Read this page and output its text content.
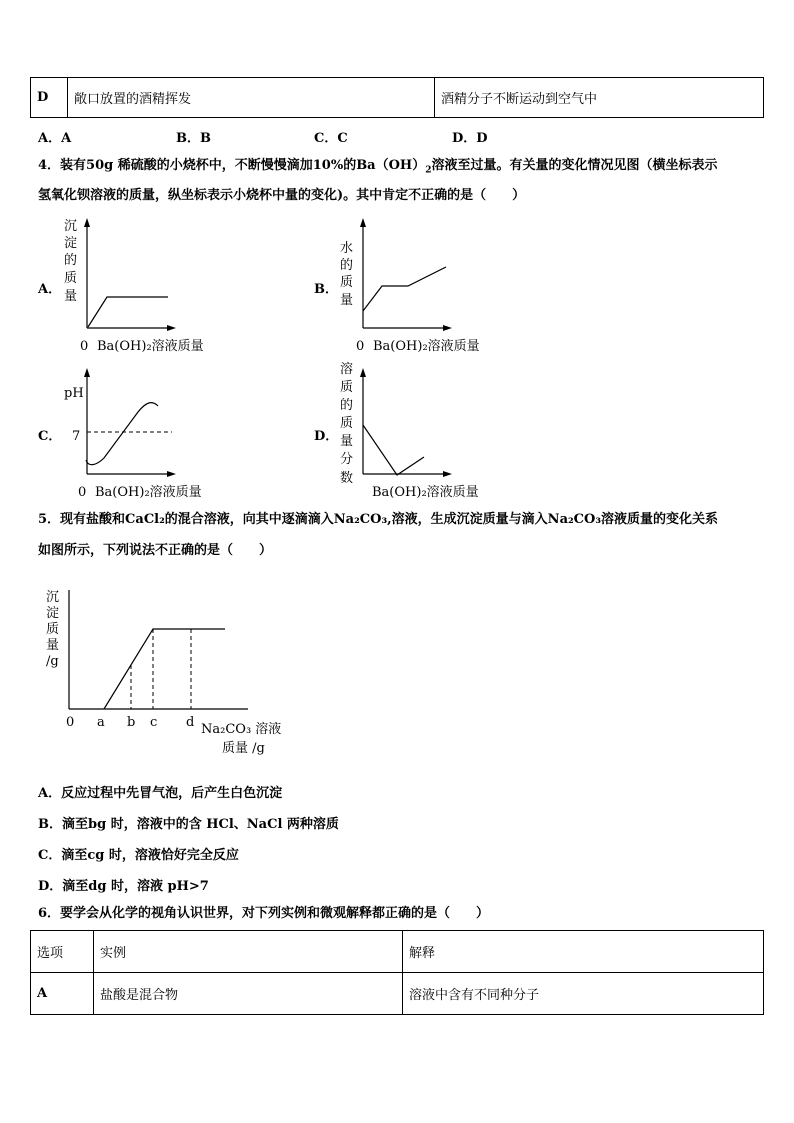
D	敞口放置的酒精挥发	酒精分子不断运动到空气中
A．A	B．B	C．C	D．D
4．装有50g 稀硫酸的小烧杯中，不断慢慢滴加10%的$Ba(OH)_2$溶液至过量。有关量的变化情况见图（横坐标表示
氢氧化钡溶液的质量，纵坐标表示小烧杯中量的变化)。其中肯定不正确的是（　　）
A．
沉
淀
的
质
量
0 Ba(OH)₂溶液质量
B．
水
的
质
量
0 Ba(OH)₂溶液质量
C．
pH
7
0 Ba(OH)₂溶液质量
D．
溶
质
的
质
量
分
数
Ba(OH)₂溶液质量
5．现有盐酸和CaCl₂的混合溶液，向其中逐滴滴入Na₂CO₃,溶液，生成沉淀质量与滴入Na₂CO₃溶液质量的变化关系
如图所示，下列说法不正确的是（　　）
沉
淀
质
量
/g
0 a b c d Na₂CO₃ 溶液
质量 /g
A．反应过程中先冒气泡，后产生白色沉淀
B．滴至bg 时，溶液中的含 HCl、NaCl 两种溶质
C．滴至cg 时，溶液恰好完全反应
D．滴至dg 时，溶液 pH>7
6．要学会从化学的视角认识世界，对下列实例和微观解释都正确的是（　　）
选项	实例	解释
A	盐酸是混合物	溶液中含有不同种分子
